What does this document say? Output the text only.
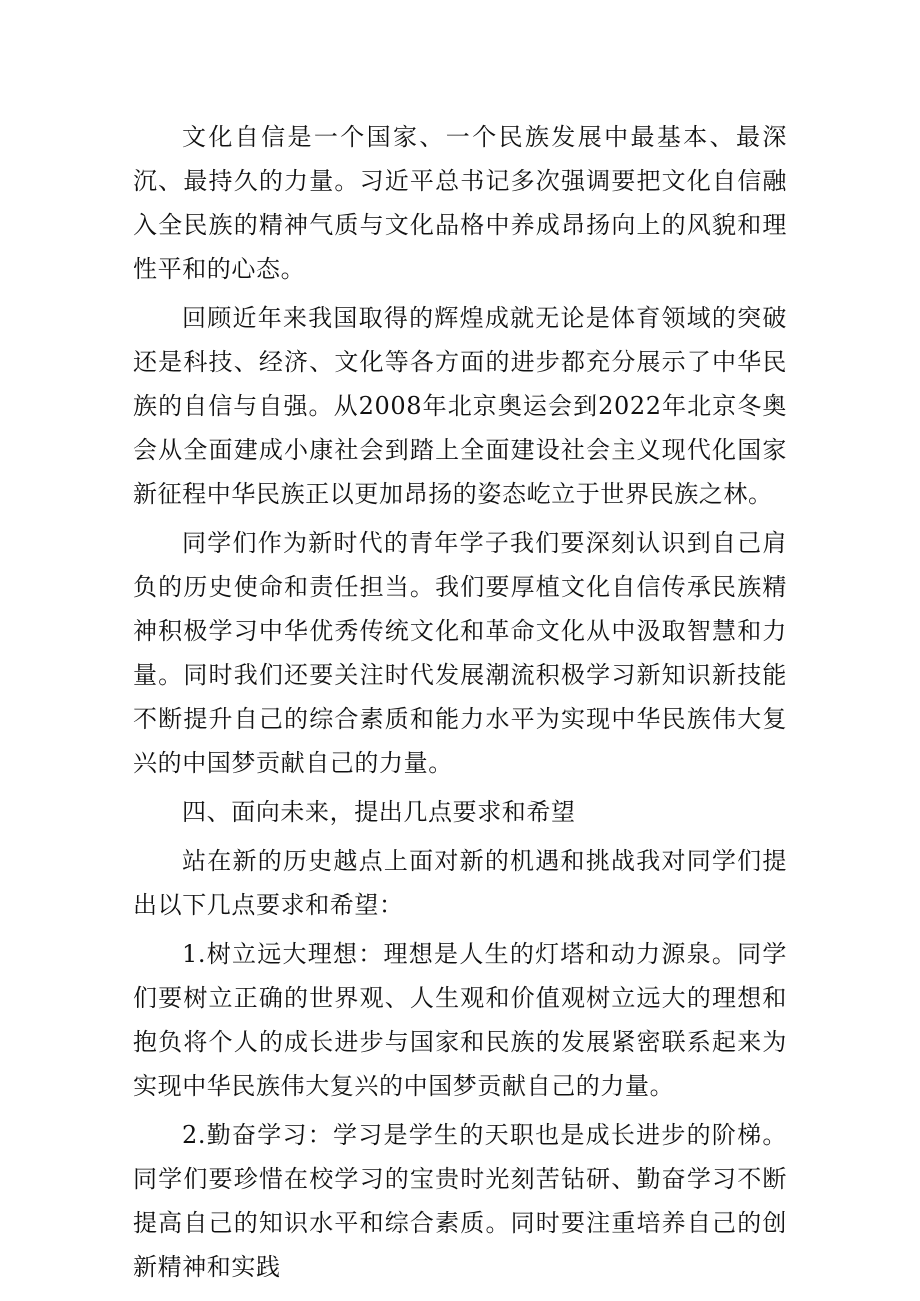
文化自信是一个国家、一个民族发展中最基本、最深沉、最持久的力量。习近平总书记多次强调要把文化自信融入全民族的精神气质与文化品格中养成昂扬向上的风貌和理性平和的心态。

回顾近年来我国取得的辉煌成就无论是体育领域的突破还是科技、经济、文化等各方面的进步都充分展示了中华民族的自信与自强。从2008年北京奥运会到2022年北京冬奥会从全面建成小康社会到踏上全面建设社会主义现代化国家新征程中华民族正以更加昂扬的姿态屹立于世界民族之林。

同学们作为新时代的青年学子我们要深刻认识到自己肩负的历史使命和责任担当。我们要厚植文化自信传承民族精神积极学习中华优秀传统文化和革命文化从中汲取智慧和力量。同时我们还要关注时代发展潮流积极学习新知识新技能不断提升自己的综合素质和能力水平为实现中华民族伟大复兴的中国梦贡献自己的力量。

四、面向未来，提出几点要求和希望

站在新的历史越点上面对新的机遇和挑战我对同学们提出以下几点要求和希望：

1.树立远大理想：理想是人生的灯塔和动力源泉。同学们要树立正确的世界观、人生观和价值观树立远大的理想和抱负将个人的成长进步与国家和民族的发展紧密联系起来为实现中华民族伟大复兴的中国梦贡献自己的力量。

2.勤奋学习：学习是学生的天职也是成长进步的阶梯。同学们要珍惜在校学习的宝贵时光刻苦钻研、勤奋学习不断提高自己的知识水平和综合素质。同时要注重培养自己的创新精神和实践
